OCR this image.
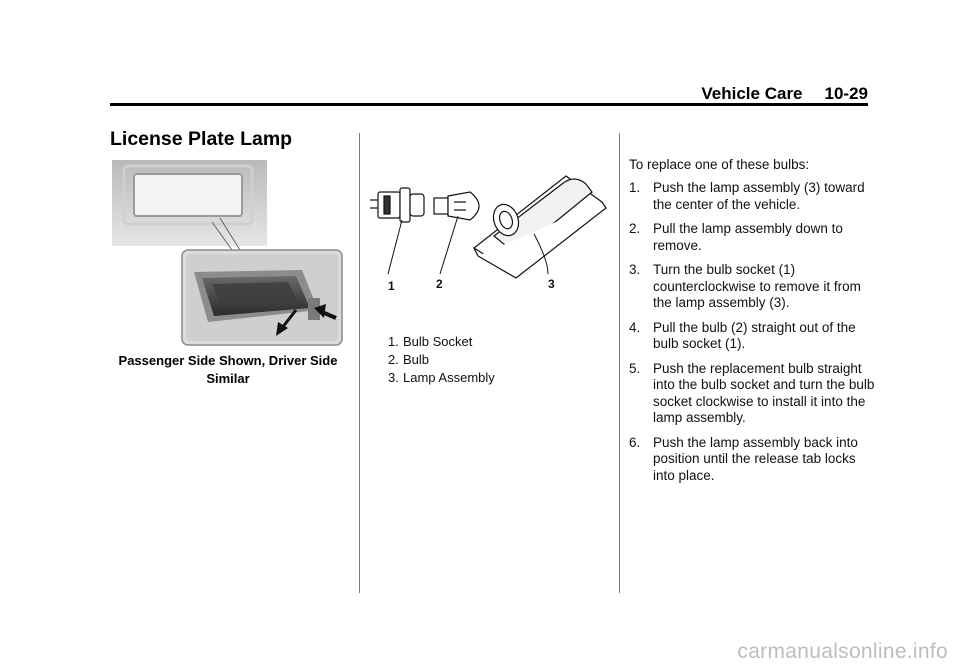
Vehicle Care 10-29
License Plate Lamp
Passenger Side Shown, Driver Side Similar
1	2	3
1. Bulb Socket
2. Bulb
3. Lamp Assembly
To replace one of these bulbs:
1. Push the lamp assembly (3) toward the center of the vehicle.
2. Pull the lamp assembly down to remove.
3. Turn the bulb socket (1) counterclockwise to remove it from the lamp assembly (3).
4. Pull the bulb (2) straight out of the bulb socket (1).
5. Push the replacement bulb straight into the bulb socket and turn the bulb socket clockwise to install it into the lamp assembly.
6. Push the lamp assembly back into position until the release tab locks into place.
carmanualsonline.info
